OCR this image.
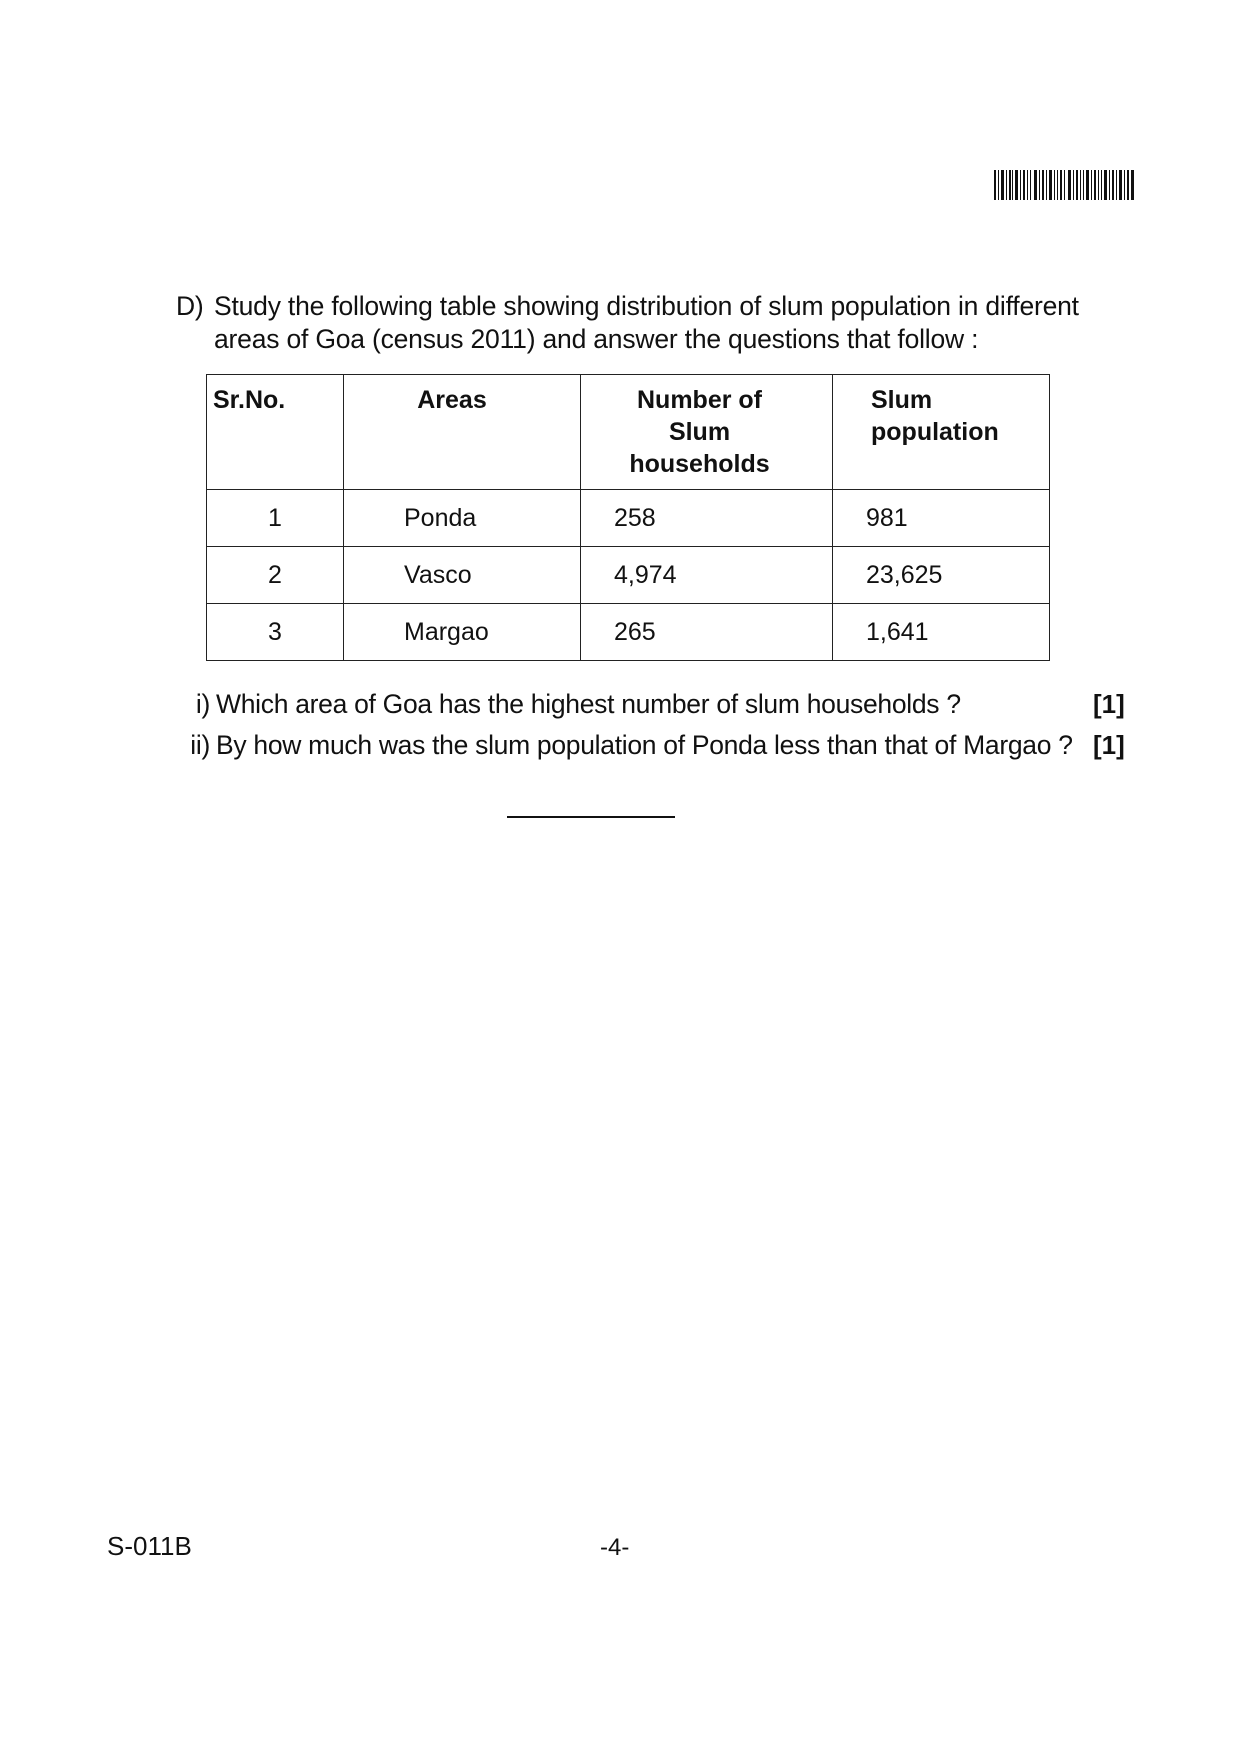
D) Study the following table showing distribution of slum population in different
areas of Goa (census 2011) and answer the questions that follow :
Sr.No.	Areas	Number of
Slum
households	Slum
population

1	Ponda	258	981
2	Vasco	4,974	23,625
3	Margao	265	1,641
i) Which area of Goa has the highest number of slum households ?	[1]
ii) By how much was the slum population of Ponda less than that of Margao ? [1]
S-011B	-4-
